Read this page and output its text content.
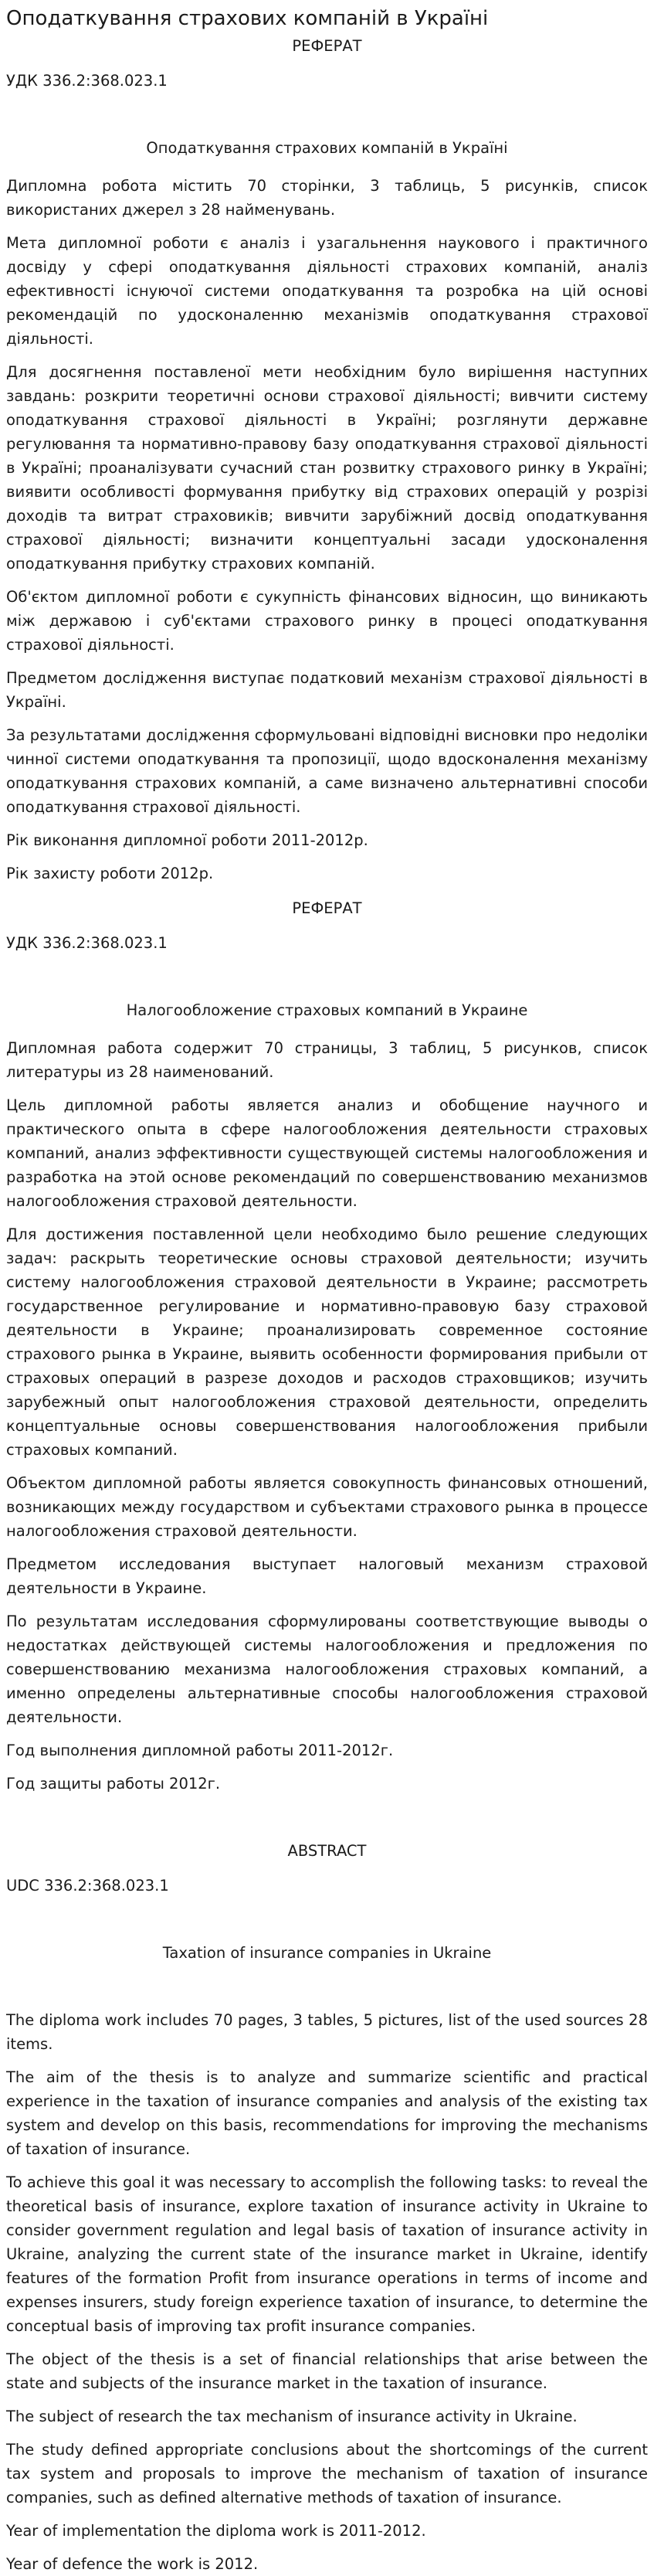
Оподаткування страхових компаній в Україні

РЕФЕРАТ

УДК 336.2:368.023.1

Оподаткування страхових компаній в Україні

Дипломна робота містить 70 сторінки, 3 таблиць, 5 рисунків, список використаних джерел з 28 найменувань.

Мета дипломної роботи є аналіз і узагальнення наукового і практичного досвіду у сфері оподаткування діяльності страхових компаній, аналіз ефективності існуючої системи оподаткування та розробка на цій основі рекомендацій по удосконаленню механізмів оподаткування страхової діяльності.

Для досягнення поставленої мети необхідним було вирішення наступних завдань: розкрити теоретичні основи страхової діяльності; вивчити систему оподаткування страхової діяльності в Україні; розглянути державне регулювання та нормативно-правову базу оподаткування страхової діяльності в Україні; проаналізувати сучасний стан розвитку страхового ринку в Україні; виявити особливості формування прибутку від страхових операцій у розрізі доходів та витрат страховиків; вивчити зарубіжний досвід оподаткування страхової діяльності; визначити концептуальні засади удосконалення оподаткування прибутку страхових компаній.

Об'єктом дипломної роботи є сукупність фінансових відносин, що виникають між державою і суб'єктами страхового ринку в процесі оподаткування страхової діяльності.

Предметом дослідження виступає податковий механізм страхової діяльності в Україні.

За результатами дослідження сформульовані відповідні висновки про недоліки чинної системи оподаткування та пропозиції, щодо вдосконалення механізму оподаткування страхових компаній, а саме визначено альтернативні способи оподаткування страхової діяльності.

Рік виконання дипломної роботи 2011-2012р.

Рік захисту роботи 2012р.

РЕФЕРАТ

УДК 336.2:368.023.1

Налогообложение страховых компаний в Украине

Дипломная работа содержит 70 страницы, 3 таблиц, 5 рисунков, список литературы из 28 наименований.

Цель дипломной работы является анализ и обобщение научного и практического опыта в сфере налогообложения деятельности страховых компаний, анализ эффективности существующей системы налогообложения и разработка на этой основе рекомендаций по совершенствованию механизмов налогообложения страховой деятельности.

Для достижения поставленной цели необходимо было решение следующих задач: раскрыть теоретические основы страховой деятельности; изучить систему налогообложения страховой деятельности в Украине; рассмотреть государственное регулирование и нормативно-правовую базу страховой деятельности в Украине; проанализировать современное состояние страхового рынка в Украине, выявить особенности формирования прибыли от страховых операций в разрезе доходов и расходов страховщиков; изучить зарубежный опыт налогообложения страховой деятельности, определить концептуальные основы совершенствования налогообложения прибыли страховых компаний.

Объектом дипломной работы является совокупность финансовых отношений, возникающих между государством и субъектами страхового рынка в процессе налогообложения страховой деятельности.

Предметом исследования выступает налоговый механизм страховой деятельности в Украине.

По результатам исследования сформулированы соответствующие выводы о недостатках действующей системы налогообложения и предложения по совершенствованию механизма налогообложения страховых компаний, а именно определены альтернативные способы налогообложения страховой деятельности.

Год выполнения дипломной работы 2011-2012г.

Год защиты работы 2012г.

ABSTRACT

UDC 336.2:368.023.1

Taxation of insurance companies in Ukraine

The diploma work includes 70 pages, 3 tables, 5 pictures, list of the used sources 28 items.

The aim of the thesis is to analyze and summarize scientific and practical experience in the taxation of insurance companies and analysis of the existing tax system and develop on this basis, recommendations for improving the mechanisms of taxation of insurance.

To achieve this goal it was necessary to accomplish the following tasks: to reveal the theoretical basis of insurance, explore taxation of insurance activity in Ukraine to consider government regulation and legal basis of taxation of insurance activity in Ukraine, analyzing the current state of the insurance market in Ukraine, identify features of the formation Profit from insurance operations in terms of income and expenses insurers, study foreign experience taxation of insurance, to determine the conceptual basis of improving tax profit insurance companies.

The object of the thesis is a set of financial relationships that arise between the state and subjects of the insurance market in the taxation of insurance.

The subject of research the tax mechanism of insurance activity in Ukraine.

The study defined appropriate conclusions about the shortcomings of the current tax system and proposals to improve the mechanism of taxation of insurance companies, such as defined alternative methods of taxation of insurance.

Year of implementation the diploma work is 2011-2012.

Year of defence the work is 2012.
